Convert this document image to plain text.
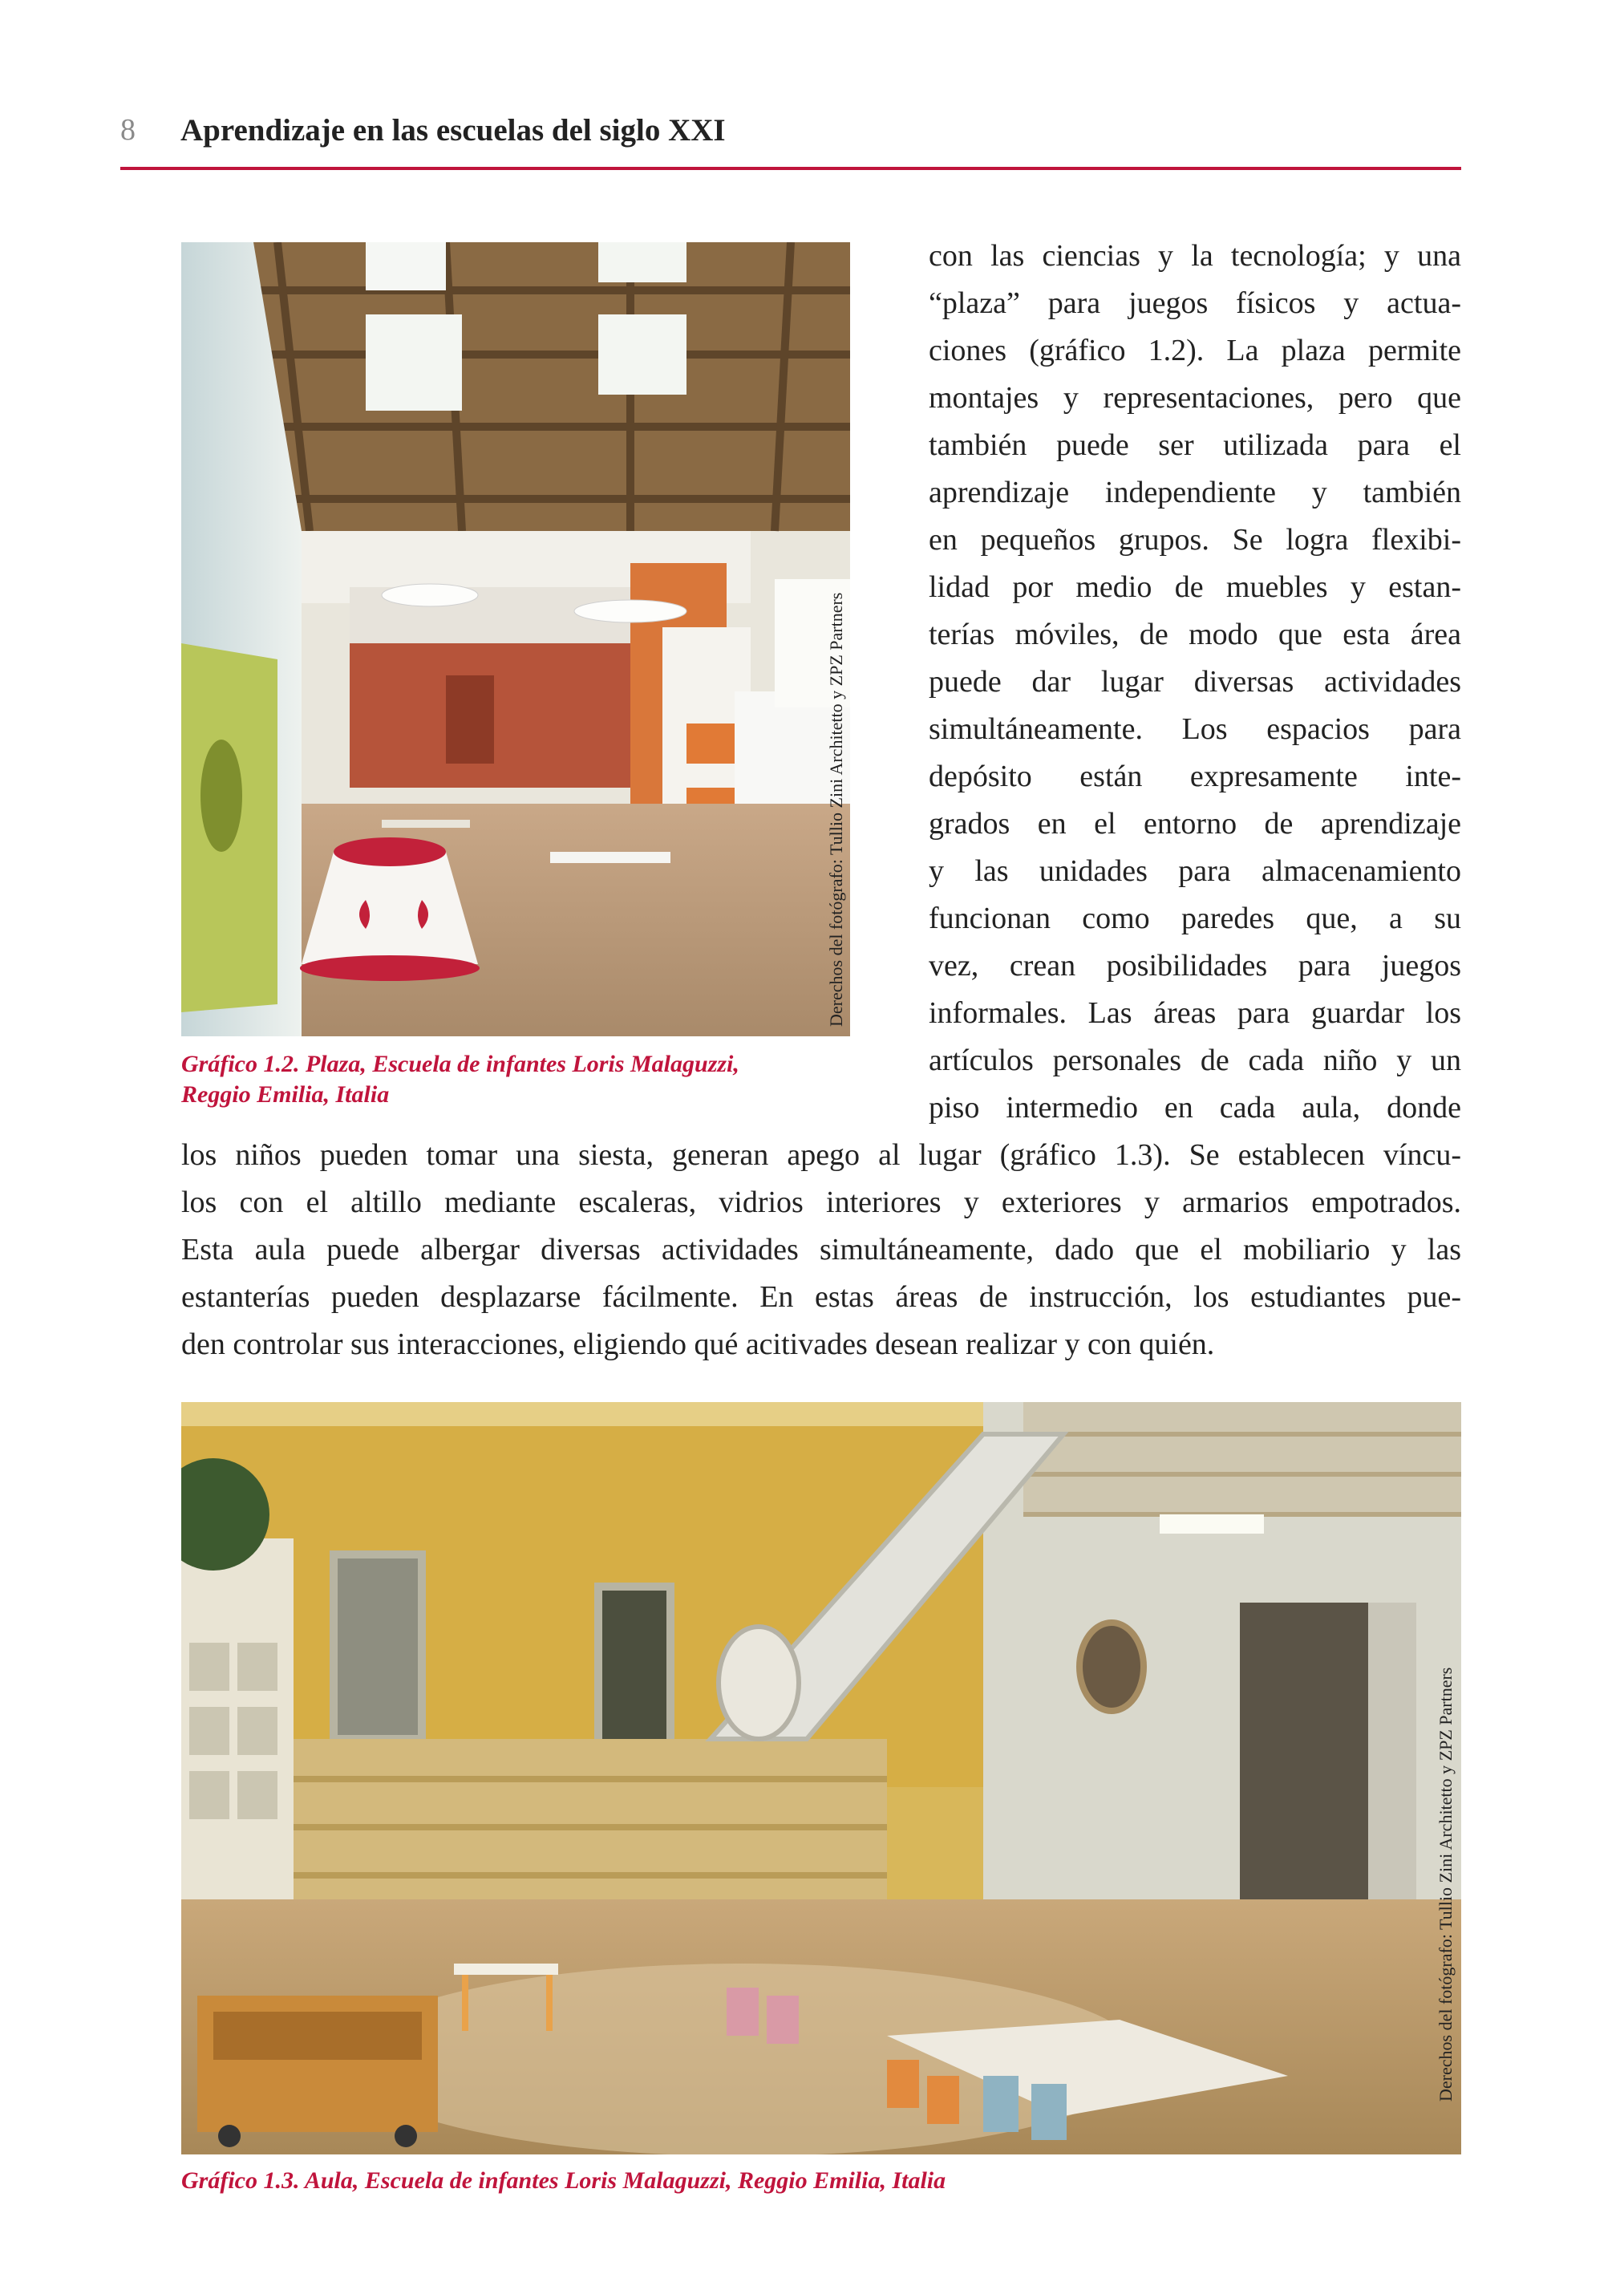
8 Aprendizaje en las escuelas del siglo XXI
Derechos del fotógrafo: Tullio Zini Architetto y ZPZ Partners
Gráfico 1.2. Plaza, Escuela de infantes Loris Malaguzzi,
Reggio Emilia, Italia
con las ciencias y la tecnología; y una
“plaza” para juegos físicos y actua-
ciones (gráfico 1.2). La plaza permite
montajes y representaciones, pero que
también puede ser utilizada para el
aprendizaje independiente y también
en pequeños grupos. Se logra flexibi-
lidad por medio de muebles y estan-
terías móviles, de modo que esta área
puede dar lugar diversas actividades
simultáneamente. Los espacios para
depósito están expresamente inte-
grados en el entorno de aprendizaje
y las unidades para almacenamiento
funcionan como paredes que, a su
vez, crean posibilidades para juegos
informales. Las áreas para guardar los
artículos personales de cada niño y un
piso intermedio en cada aula, donde
los niños pueden tomar una siesta, generan apego al lugar (gráfico 1.3). Se establecen víncu-
los con el altillo mediante escaleras, vidrios interiores y exteriores y armarios empotrados.
Esta aula puede albergar diversas actividades simultáneamente, dado que el mobiliario y las
estanterías pueden desplazarse fácilmente. En estas áreas de instrucción, los estudiantes pue-
den controlar sus interacciones, eligiendo qué acitivades desean realizar y con quién.
Derechos del fotógrafo: Tullio Zini Architetto y ZPZ Partners
Gráfico 1.3. Aula, Escuela de infantes Loris Malaguzzi, Reggio Emilia, Italia
